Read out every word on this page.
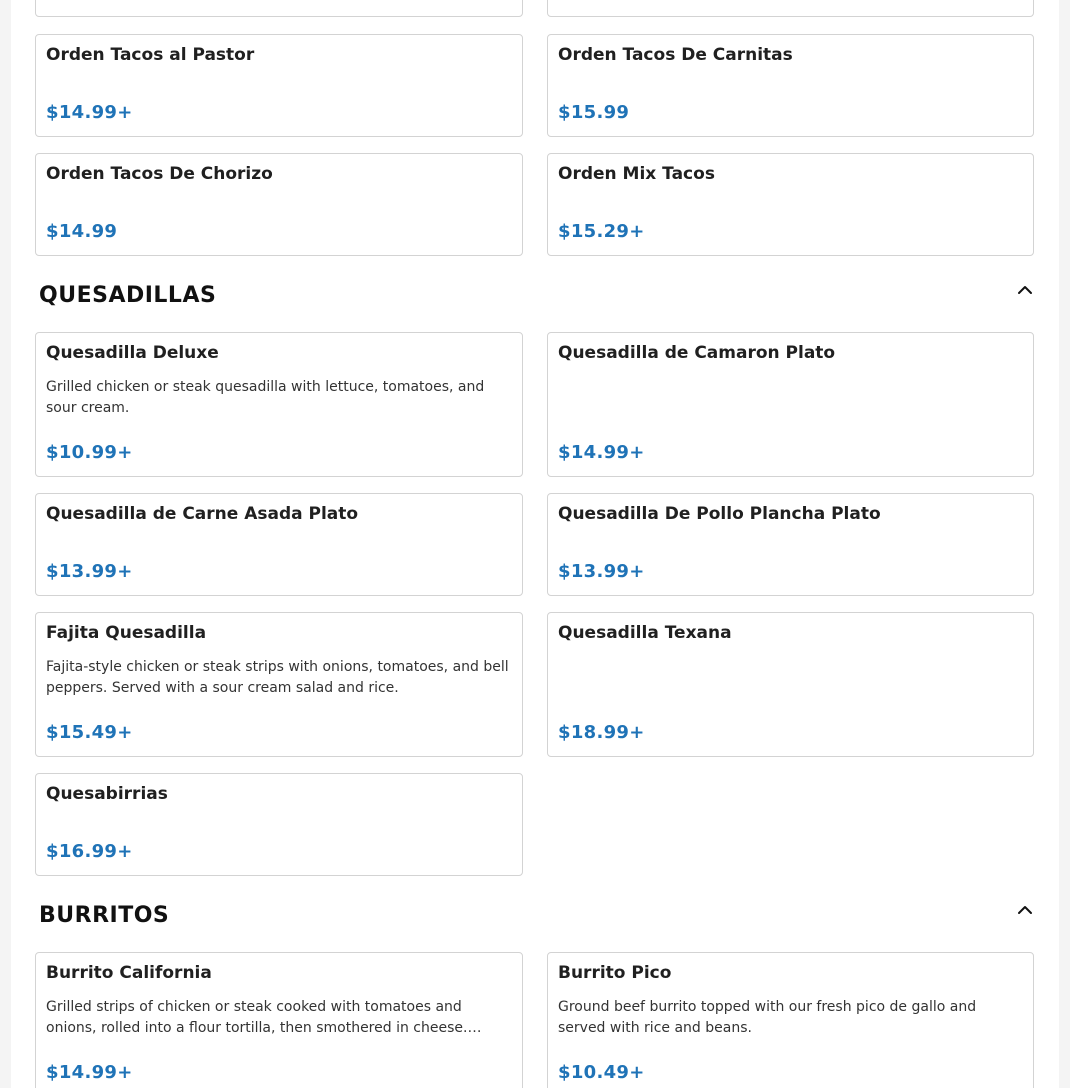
Orden Tacos al Pastor
$14.99+
Orden Tacos De Carnitas
$15.99
Orden Tacos De Chorizo
$14.99
Orden Mix Tacos
$15.29+
QUESADILLAS
Quesadilla Deluxe
Grilled chicken or steak quesadilla with lettuce, tomatoes, and sour cream.
$10.99+
Quesadilla de Camaron Plato
$14.99+
Quesadilla de Carne Asada Plato
$13.99+
Quesadilla De Pollo Plancha Plato
$13.99+
Fajita Quesadilla
Fajita-style chicken or steak strips with onions, tomatoes, and bell peppers. Served with a sour cream salad and rice.
$15.49+
Quesadilla Texana
$18.99+
Quesabirrias
$16.99+
BURRITOS
Burrito California
Grilled strips of chicken or steak cooked with tomatoes and onions, rolled into a flour tortilla, then smothered in cheese.…
$14.99+
Burrito Pico
Ground beef burrito topped with our fresh pico de gallo and served with rice and beans.
$10.49+
